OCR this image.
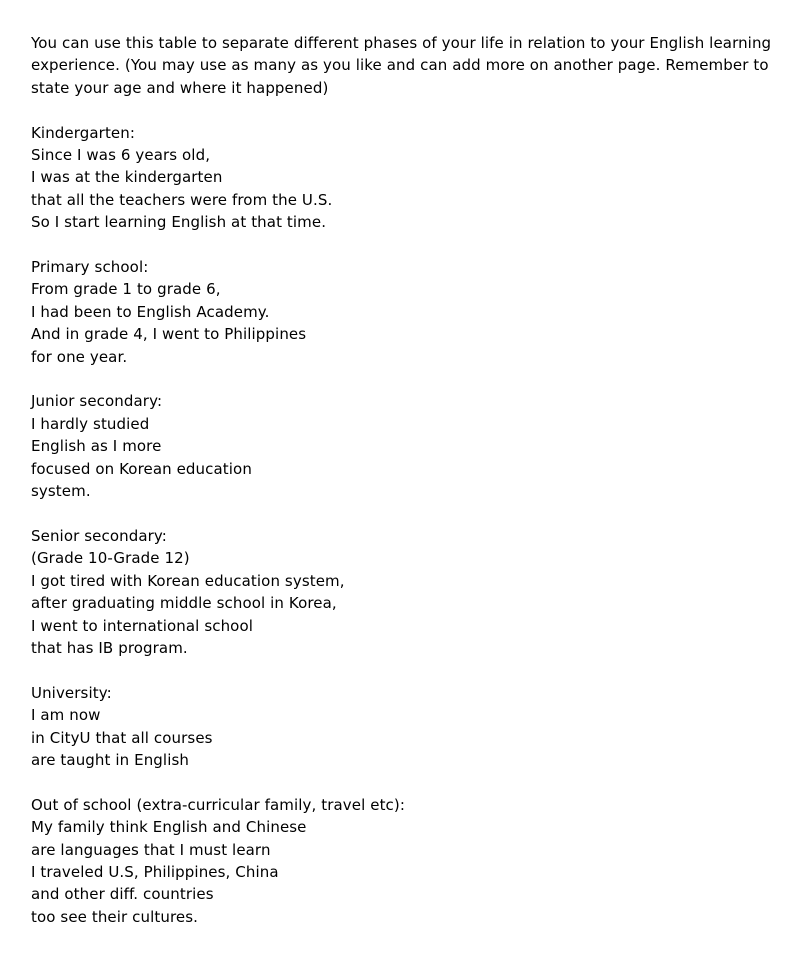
You can use this table to separate different phases of your life in relation to your English learning
experience. (You may use as many as you like and can add more on another page. Remember to
state your age and where it happened)
Kindergarten:
Since I was 6 years old,
I was at the kindergarten
that all the teachers were from the U.S.
So I start learning English at that time.
Primary school:
From grade 1 to grade 6,
I had been to English Academy.
And in grade 4, I went to Philippines
for one year.
Junior secondary:
I hardly studied
English as I more
focused on Korean education
system.
Senior secondary:
(Grade 10-Grade 12)
I got tired with Korean education system,
after graduating middle school in Korea,
I went to international school
that has IB program.
University:
I am now
in CityU that all courses
are taught in English
Out of school (extra-curricular family, travel etc):
My family think English and Chinese
are languages that I must learn
I traveled U.S, Philippines, China
and other diff. countries
too see their cultures.
